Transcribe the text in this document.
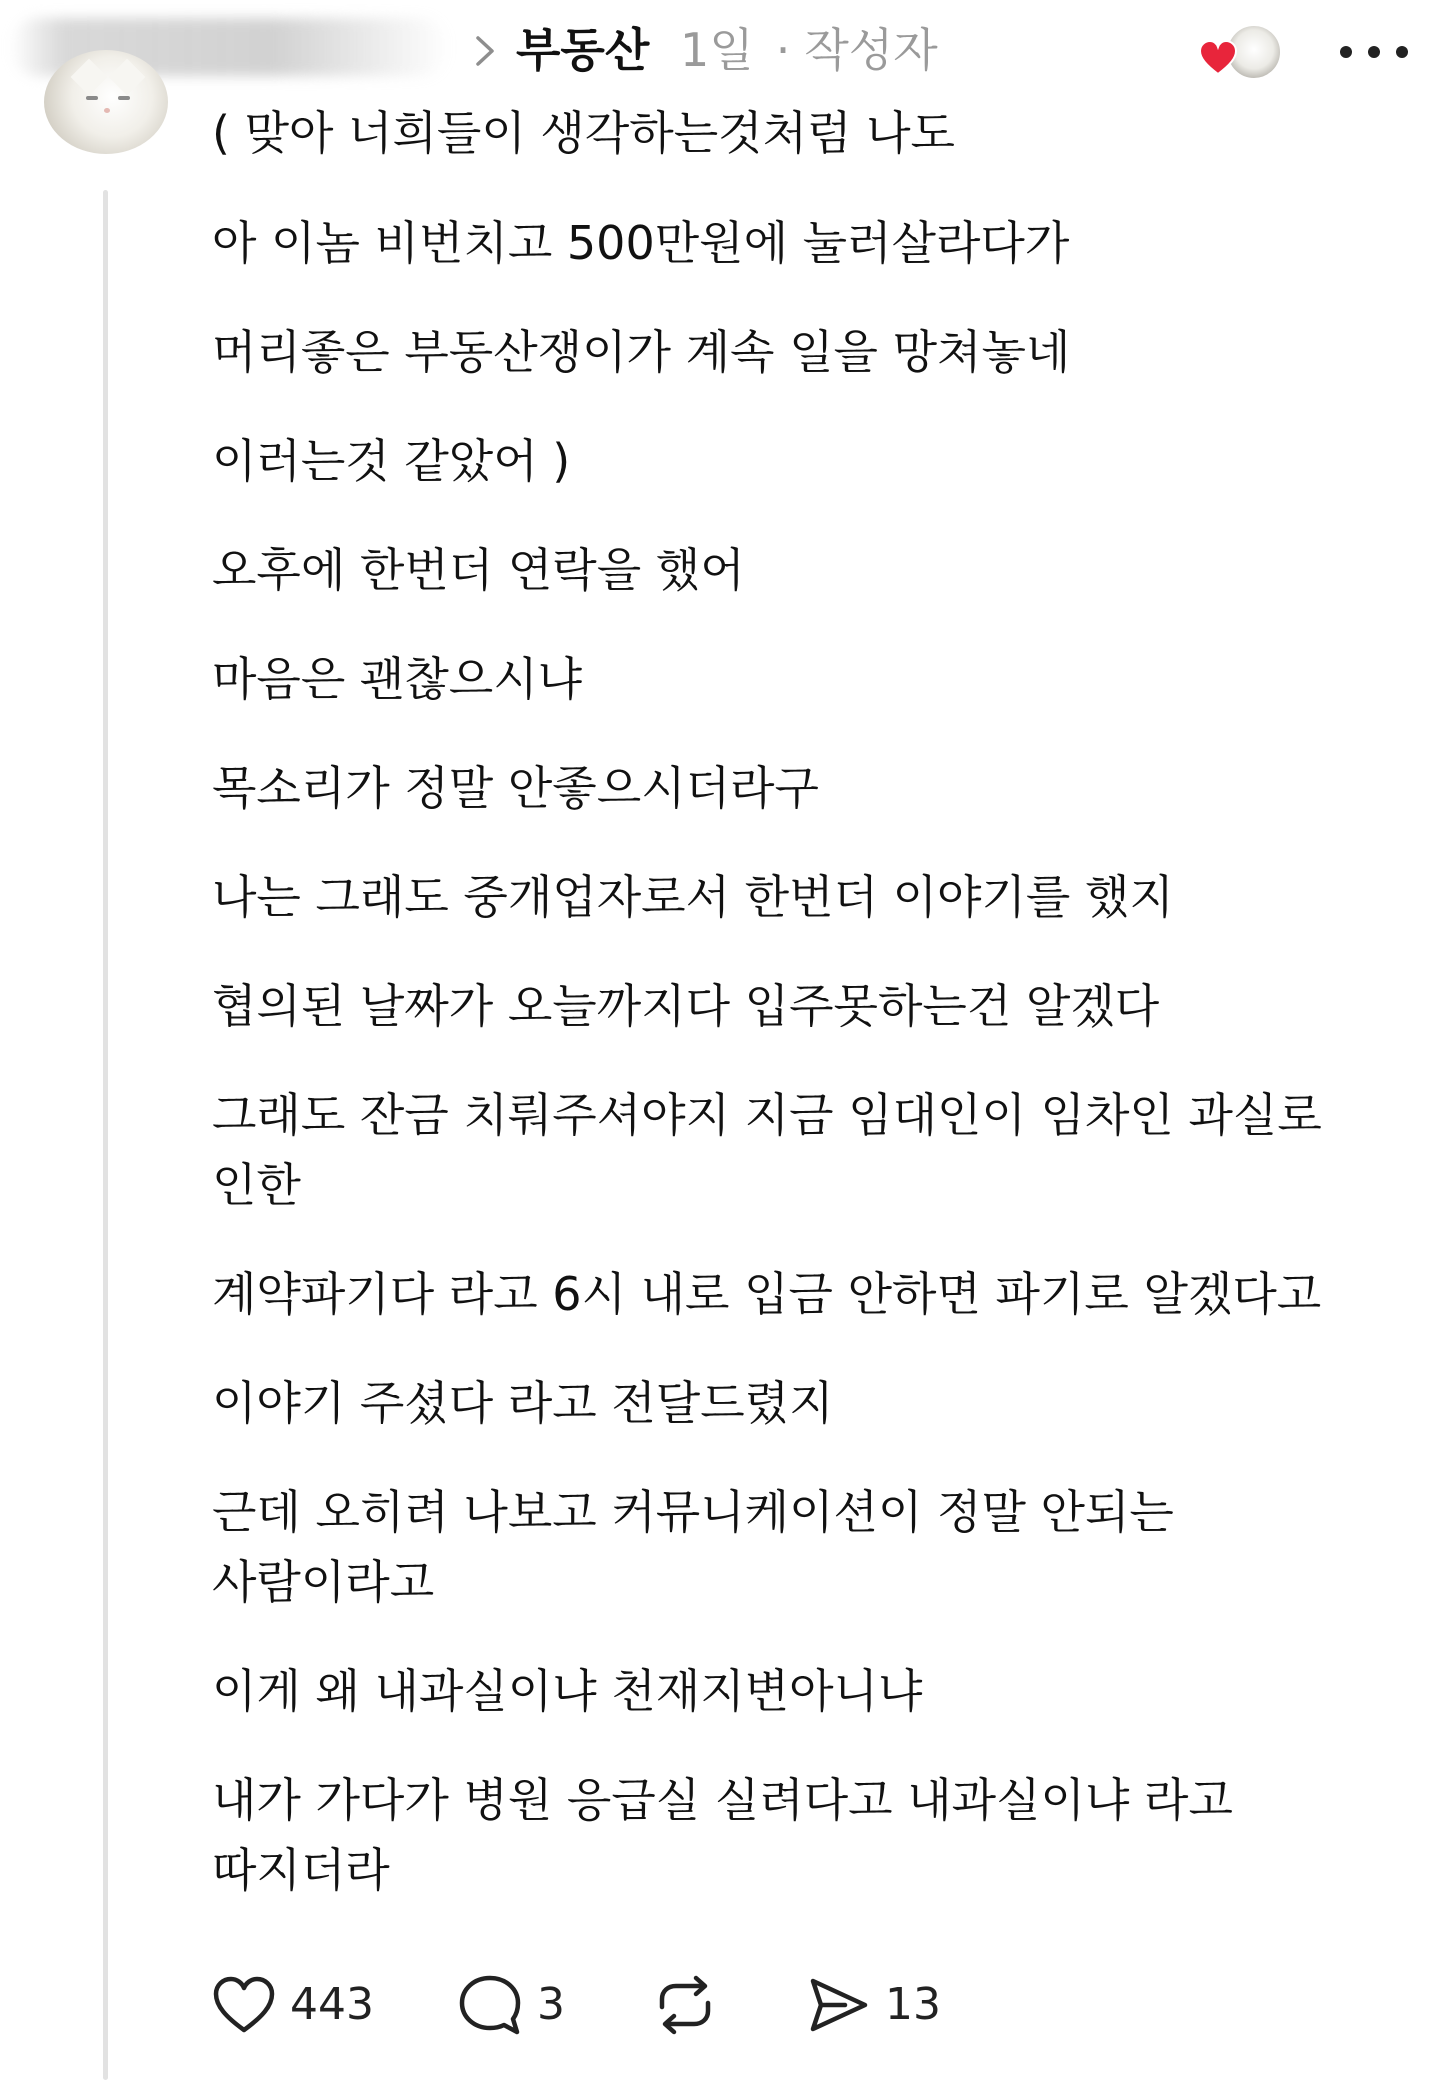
부동산 1일 · 작성자
( 맞아 너희들이 생각하는것처럼 나도
아 이놈 비번치고 500만원에 눌러살라다가
머리좋은 부동산쟁이가 계속 일을 망쳐놓네
이러는것 같았어 )
오후에 한번더 연락을 했어
마음은 괜찮으시냐
목소리가 정말 안좋으시더라구
나는 그래도 중개업자로서 한번더 이야기를 했지
협의된 날짜가 오늘까지다 입주못하는건 알겠다
그래도 잔금 치뤄주셔야지 지금 임대인이 임차인 과실로 인한
계약파기다 라고 6시 내로 입금 안하면 파기로 알겠다고
이야기 주셨다 라고 전달드렸지
근데 오히려 나보고 커뮤니케이션이 정말 안되는 사람이라고
이게 왜 내과실이냐 천재지변아니냐
내가 가다가 병원 응급실 실려다고 내과실이냐 라고 따지더라
443	3	13
